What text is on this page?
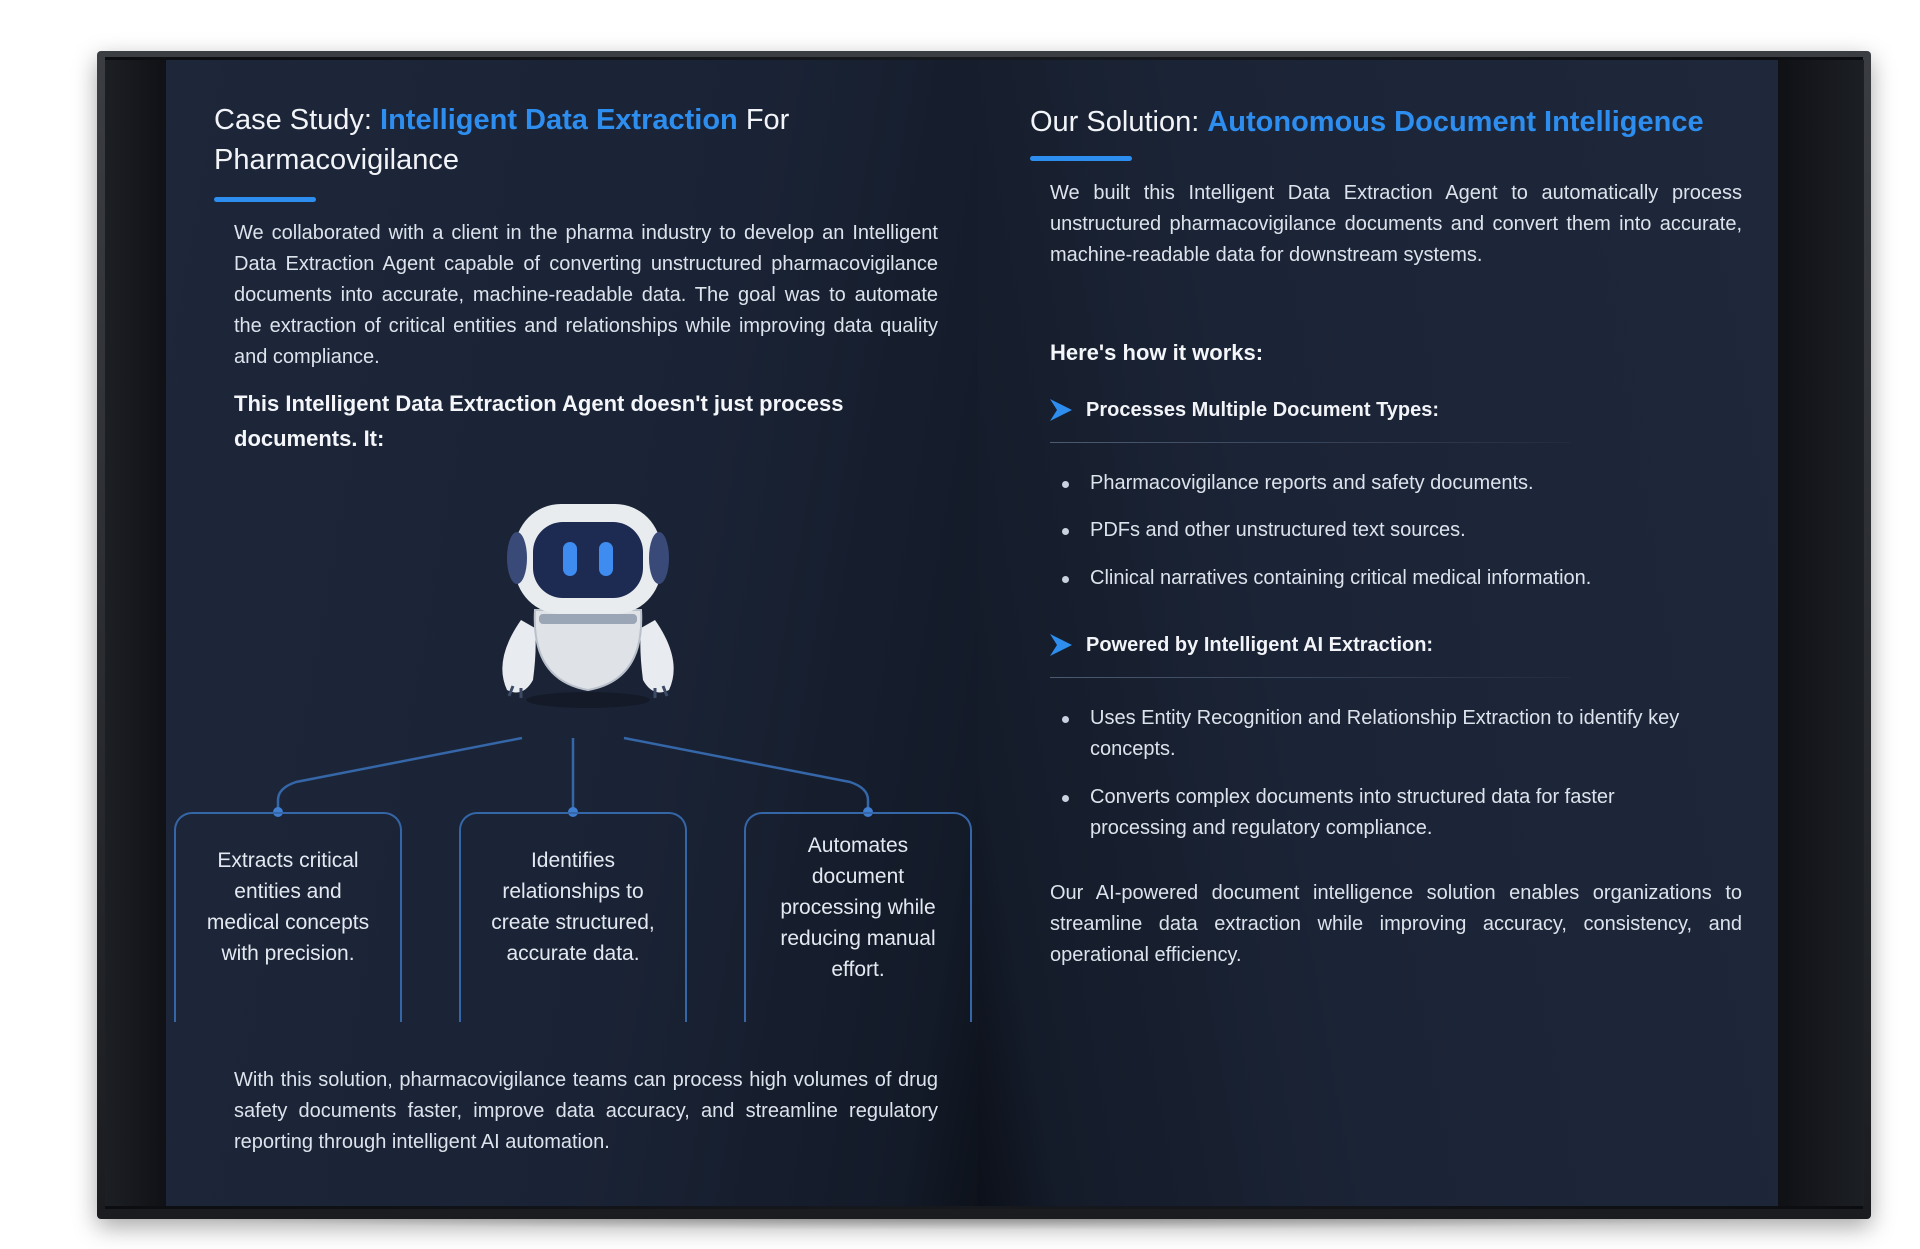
Case Study: Intelligent Data Extraction For
Pharmacovigilance
We collaborated with a client in the pharma industry to develop an Intelligent Data Extraction Agent capable of converting unstructured pharmacovigilance documents into accurate, machine-readable data. The goal was to automate the extraction of critical entities and relationships while improving data quality and compliance.
This Intelligent Data Extraction Agent doesn't just process documents. It:
Extracts critical entities and medical concepts with precision.
Identifies relationships to create structured, accurate data.
Automates document processing while reducing manual effort.
With this solution, pharmacovigilance teams can process high volumes of drug safety documents faster, improve data accuracy, and streamline regulatory reporting through intelligent AI automation.
Our Solution: Autonomous Document Intelligence
We built this Intelligent Data Extraction Agent to automatically process unstructured pharmacovigilance documents and convert them into accurate, machine-readable data for downstream systems.
Here's how it works:
Processes Multiple Document Types:
Pharmacovigilance reports and safety documents.
PDFs and other unstructured text sources.
Clinical narratives containing critical medical information.
Powered by Intelligent AI Extraction:
Uses Entity Recognition and Relationship Extraction to identify key concepts.
Converts complex documents into structured data for faster processing and regulatory compliance.
Our AI-powered document intelligence solution enables organizations to streamline data extraction while improving accuracy, consistency, and operational efficiency.
